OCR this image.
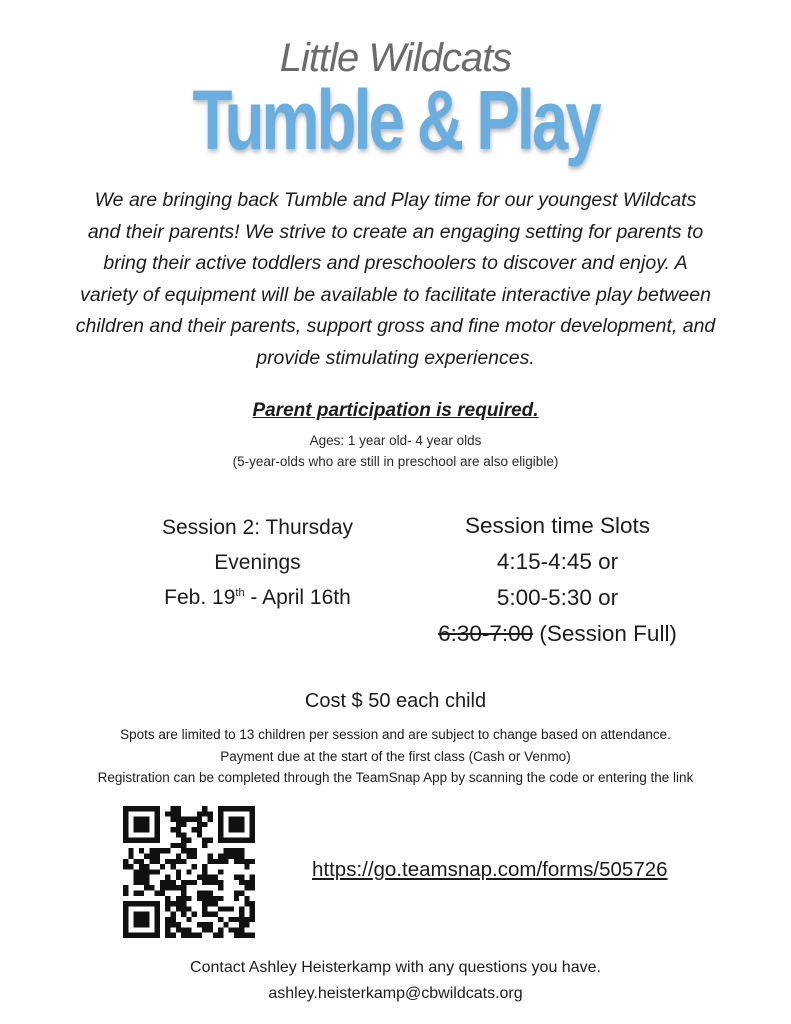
Little Wildcats
Tumble & Play
We are bringing back Tumble and Play time for our youngest Wildcats
and their parents! We strive to create an engaging setting for parents to
bring their active toddlers and preschoolers to discover and enjoy. A
variety of equipment will be available to facilitate interactive play between
children and their parents, support gross and fine motor development, and
provide stimulating experiences.
Parent participation is required.
Ages: 1 year old- 4 year olds
(5-year-olds who are still in preschool are also eligible)
Session 2: Thursday
Evenings
Feb. 19th - April 16th
Session time Slots
4:15-4:45 or
5:00-5:30 or
6:30-7:00 (Session Full)
Cost $ 50 each child
Spots are limited to 13 children per session and are subject to change based on attendance.
Payment due at the start of the first class (Cash or Venmo)
Registration can be completed through the TeamSnap App by scanning the code or entering the link
https://go.teamsnap.com/forms/505726
Contact Ashley Heisterkamp with any questions you have.
ashley.heisterkamp@cbwildcats.org
